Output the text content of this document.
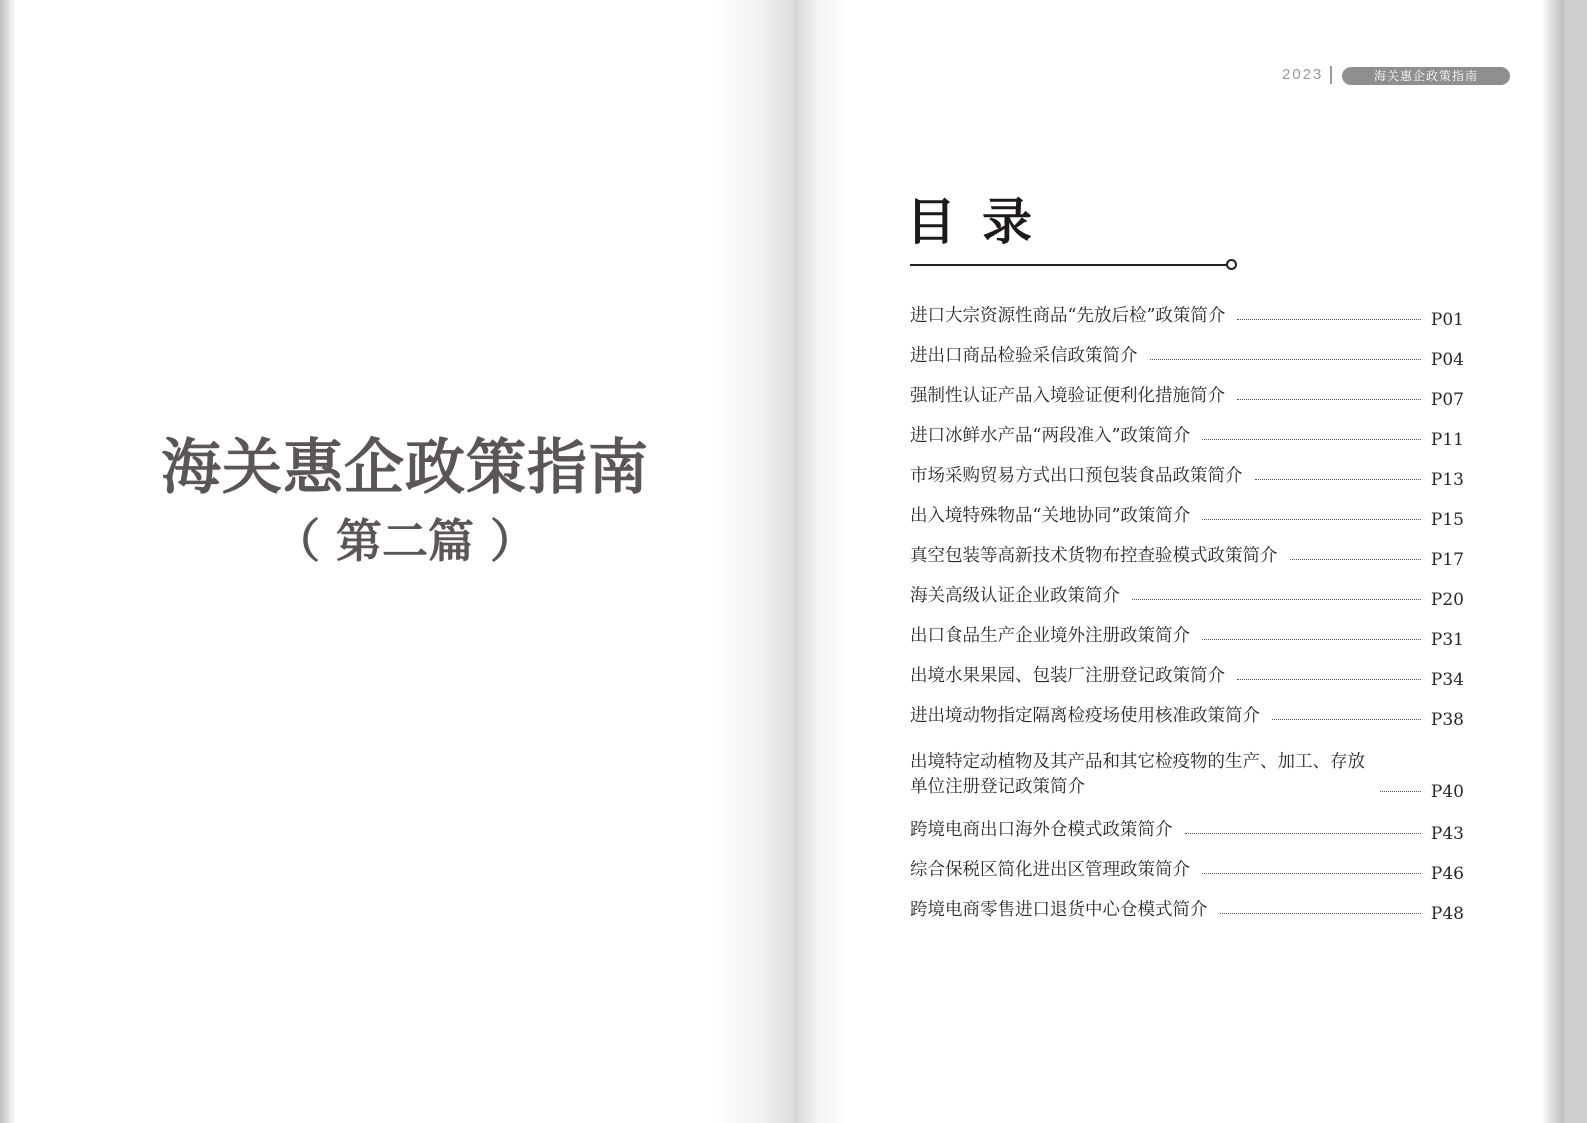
海关惠企政策指南
（ 第二篇 ）
2023	海关惠企政策指南
目录
进口大宗资源性商品“先放后检”政策简介	P01
进出口商品检验采信政策简介	P04
强制性认证产品入境验证便利化措施简介	P07
进口冰鲜水产品“两段准入”政策简介	P11
市场采购贸易方式出口预包装食品政策简介	P13
出入境特殊物品“关地协同”政策简介	P15
真空包装等高新技术货物布控查验模式政策简介	P17
海关高级认证企业政策简介	P20
出口食品生产企业境外注册政策简介	P31
出境水果果园、包装厂注册登记政策简介	P34
进出境动物指定隔离检疫场使用核准政策简介	P38
出境特定动植物及其产品和其它检疫物的生产、加工、存放单位注册登记政策简介	P40
跨境电商出口海外仓模式政策简介	P43
综合保税区简化进出区管理政策简介	P46
跨境电商零售进口退货中心仓模式简介	P48
